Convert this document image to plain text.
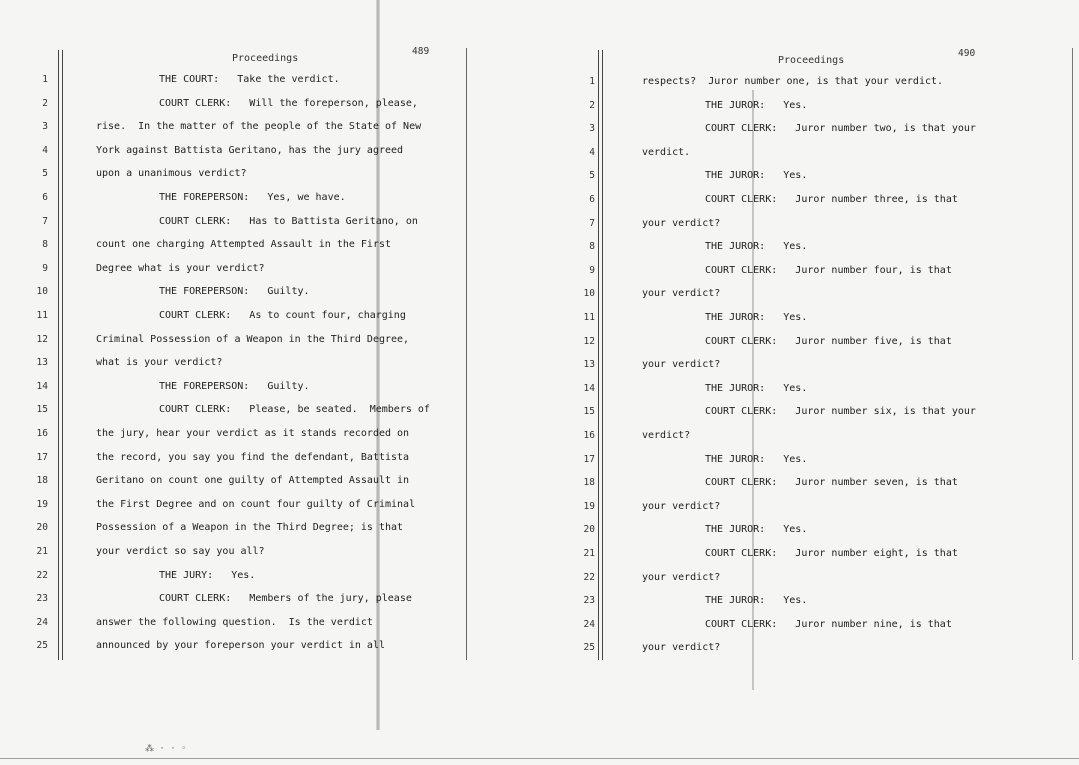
⁂ · · ◦
Proceedings
489
Proceedings
490
1	THE COURT:   Take the verdict.
2	COURT CLERK:   Will the foreperson, please,
3	rise.  In the matter of the people of the State of New
4	York against Battista Geritano, has the jury agreed
5	upon a unanimous verdict?
6	THE FOREPERSON:   Yes, we have.
7	COURT CLERK:   Has to Battista Geritano, on
8	count one charging Attempted Assault in the First
9	Degree what is your verdict?
10	THE FOREPERSON:   Guilty.
11	COURT CLERK:   As to count four, charging
12	Criminal Possession of a Weapon in the Third Degree,
13	what is your verdict?
14	THE FOREPERSON:   Guilty.
15	COURT CLERK:   Please, be seated.  Members of
16	the jury, hear your verdict as it stands recorded on
17	the record, you say you find the defendant, Battista
18	Geritano on count one guilty of Attempted Assault in
19	the First Degree and on count four guilty of Criminal
20	Possession of a Weapon in the Third Degree; is that
21	your verdict so say you all?
22	THE JURY:   Yes.
23	COURT CLERK:   Members of the jury, please
24	answer the following question.  Is the verdict
25	announced by your foreperson your verdict in all
1	respects?  Juror number one, is that your verdict.
2	THE JUROR:   Yes.
3	COURT CLERK:   Juror number two, is that your
4	verdict.
5	THE JUROR:   Yes.
6	COURT CLERK:   Juror number three, is that
7	your verdict?
8	THE JUROR:   Yes.
9	COURT CLERK:   Juror number four, is that
10	your verdict?
11	THE JUROR:   Yes.
12	COURT CLERK:   Juror number five, is that
13	your verdict?
14	THE JUROR:   Yes.
15	COURT CLERK:   Juror number six, is that your
16	verdict?
17	THE JUROR:   Yes.
18	COURT CLERK:   Juror number seven, is that
19	your verdict?
20	THE JUROR:   Yes.
21	COURT CLERK:   Juror number eight, is that
22	your verdict?
23	THE JUROR:   Yes.
24	COURT CLERK:   Juror number nine, is that
25	your verdict?
